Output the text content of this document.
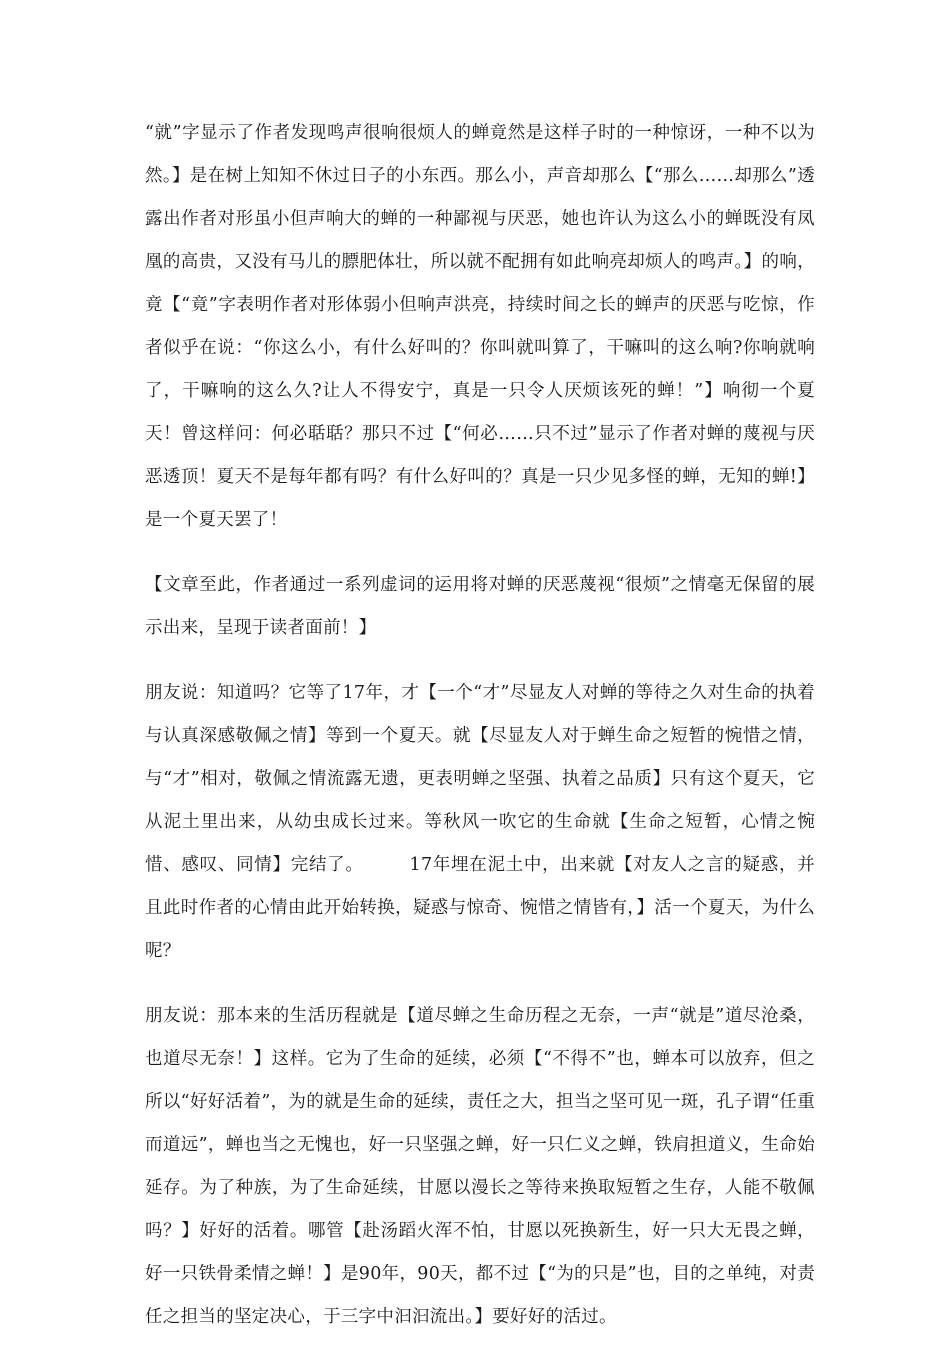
“就”字显示了作者发现鸣声很响很烦人的蝉竟然是这样子时的一种惊讶，一种不以为然。】是在树上知知不休过日子的小东西。那么小，声音却那么【“那么……却那么”透露出作者对形虽小但声响大的蝉的一种鄙视与厌恶，她也许认为这么小的蝉既没有凤凰的高贵，又没有马儿的膘肥体壮，所以就不配拥有如此响亮却烦人的鸣声。】的响，竟【“竟”字表明作者对形体弱小但响声洪亮，持续时间之长的蝉声的厌恶与吃惊，作者似乎在说：“你这么小，有什么好叫的？你叫就叫算了，干嘛叫的这么响?你响就响了，干嘛响的这么久?让人不得安宁，真是一只令人厌烦该死的蝉！”】响彻一个夏天！曾这样问：何必聒聒？那只不过【“何必……只不过”显示了作者对蝉的蔑视与厌恶透顶！夏天不是每年都有吗？有什么好叫的？真是一只少见多怪的蝉，无知的蝉!】是一个夏天罢了！

【文章至此，作者通过一系列虚词的运用将对蝉的厌恶蔑视“很烦”之情毫无保留的展示出来，呈现于读者面前！】

朋友说：知道吗？它等了17年，才【一个“才”尽显友人对蝉的等待之久对生命的执着与认真深感敬佩之情】等到一个夏天。就【尽显友人对于蝉生命之短暂的惋惜之情，与“才”相对，敬佩之情流露无遗，更表明蝉之坚强、执着之品质】只有这个夏天，它从泥土里出来，从幼虫成长过来。等秋风一吹它的生命就【生命之短暂，心情之惋惜、感叹、同情】完结了。　　　17年埋在泥土中，出来就【对友人之言的疑惑，并且此时作者的心情由此开始转换，疑惑与惊奇、惋惜之情皆有，】活一个夏天，为什么呢？

朋友说：那本来的生活历程就是【道尽蝉之生命历程之无奈，一声“就是”道尽沧桑，也道尽无奈！】这样。它为了生命的延续，必须【“不得不”也，蝉本可以放弃，但之所以“好好活着”，为的就是生命的延续，责任之大，担当之坚可见一斑，孔子谓“任重而道远”，蝉也当之无愧也，好一只坚强之蝉，好一只仁义之蝉，铁肩担道义，生命始延存。为了种族，为了生命延续，甘愿以漫长之等待来换取短暂之生存，人能不敬佩吗？】好好的活着。哪管【赴汤蹈火浑不怕，甘愿以死换新生，好一只大无畏之蝉，好一只铁骨柔情之蝉！】是90年，90天，都不过【“为的只是”也，目的之单纯，对责任之担当的坚定决心，于三字中汩汩流出。】要好好的活过。
